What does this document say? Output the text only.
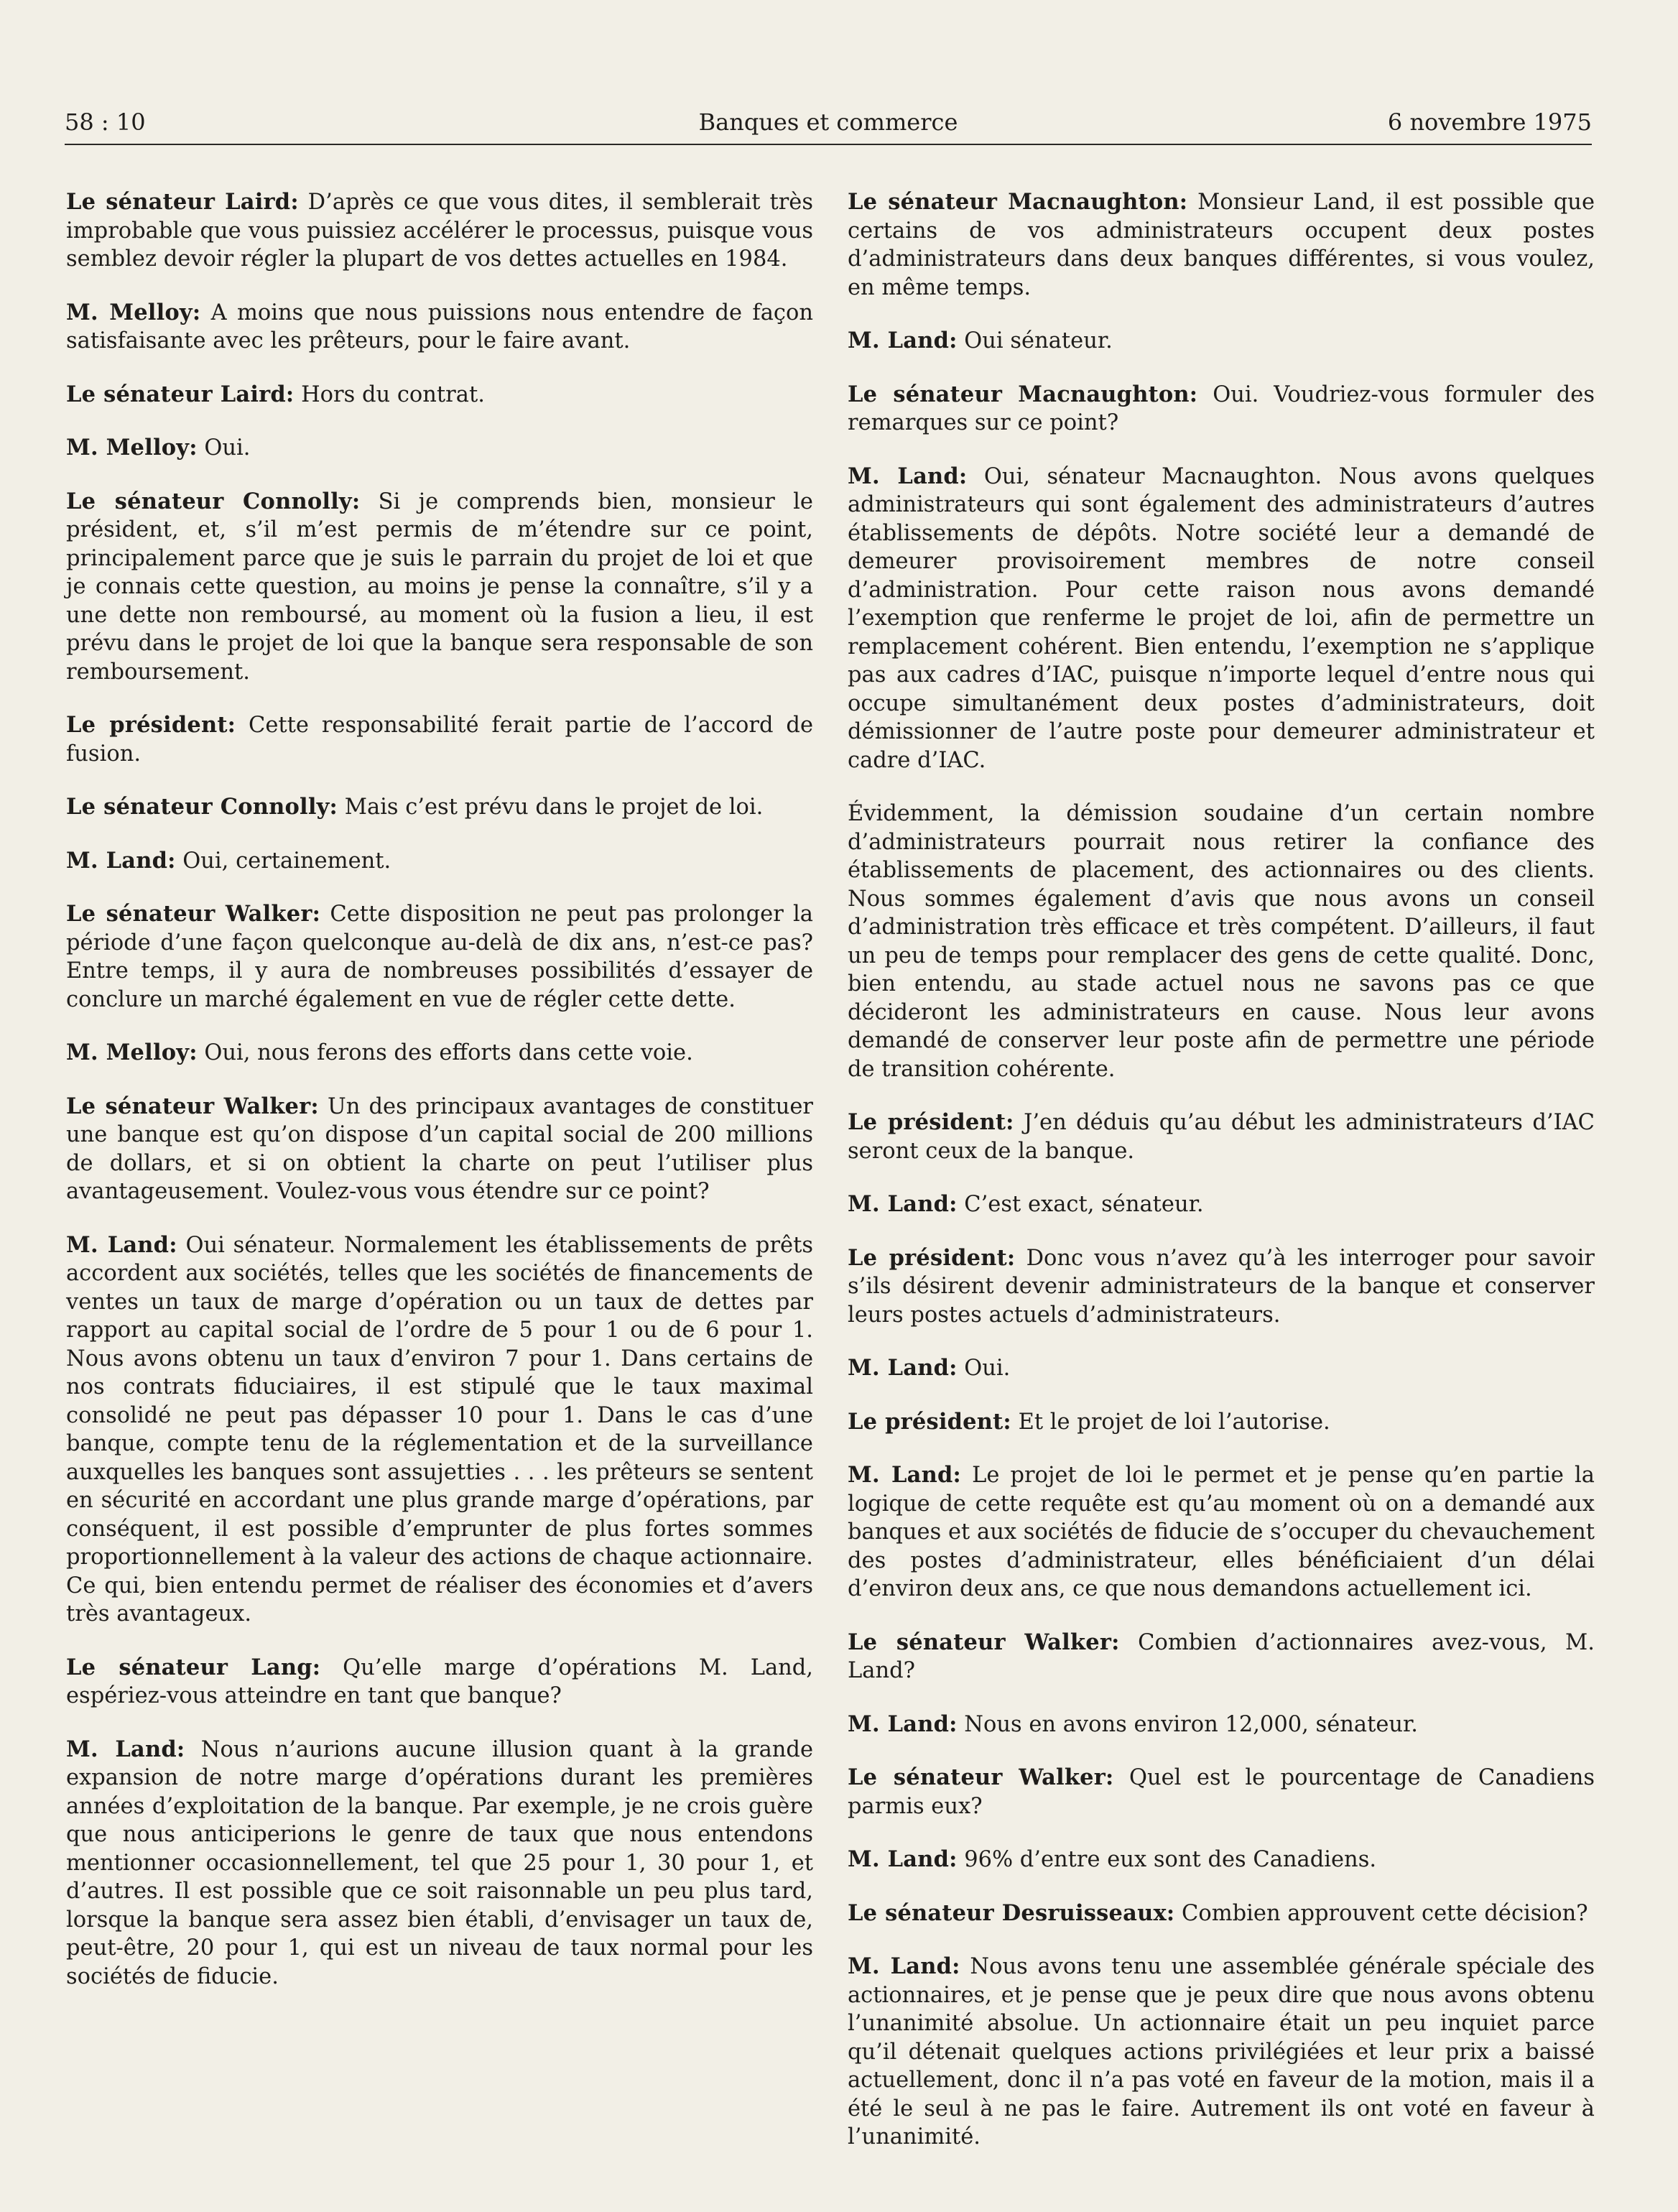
58 : 10	Banques et commerce	6 novembre 1975

Le sénateur Laird: D’après ce que vous dites, il semblerait très improbable que vous puissiez accélérer le processus, puisque vous semblez devoir régler la plupart de vos dettes actuelles en 1984.

M. Melloy: A moins que nous puissions nous entendre de façon satisfaisante avec les prêteurs, pour le faire avant.

Le sénateur Laird: Hors du contrat.

M. Melloy: Oui.

Le sénateur Connolly: Si je comprends bien, monsieur le président, et, s’il m’est permis de m’étendre sur ce point, principalement parce que je suis le parrain du projet de loi et que je connais cette question, au moins je pense la connaître, s’il y a une dette non remboursé, au moment où la fusion a lieu, il est prévu dans le projet de loi que la banque sera responsable de son remboursement.

Le président: Cette responsabilité ferait partie de l’accord de fusion.

Le sénateur Connolly: Mais c’est prévu dans le projet de loi.

M. Land: Oui, certainement.

Le sénateur Walker: Cette disposition ne peut pas prolonger la période d’une façon quelconque au-delà de dix ans, n’est-ce pas? Entre temps, il y aura de nombreuses possibilités d’essayer de conclure un marché également en vue de régler cette dette.

M. Melloy: Oui, nous ferons des efforts dans cette voie.

Le sénateur Walker: Un des principaux avantages de constituer une banque est qu’on dispose d’un capital social de 200 millions de dollars, et si on obtient la charte on peut l’utiliser plus avantageusement. Voulez-vous vous étendre sur ce point?

M. Land: Oui sénateur. Normalement les établissements de prêts accordent aux sociétés, telles que les sociétés de financements de ventes un taux de marge d’opération ou un taux de dettes par rapport au capital social de l’ordre de 5 pour 1 ou de 6 pour 1. Nous avons obtenu un taux d’environ 7 pour 1. Dans certains de nos contrats fiduciaires, il est stipulé que le taux maximal consolidé ne peut pas dépasser 10 pour 1. Dans le cas d’une banque, compte tenu de la réglementation et de la surveillance auxquelles les banques sont assujetties . . . les prêteurs se sentent en sécurité en accordant une plus grande marge d’opérations, par conséquent, il est possible d’emprunter de plus fortes sommes proportionnellement à la valeur des actions de chaque actionnaire. Ce qui, bien entendu permet de réaliser des économies et d’avers très avantageux.

Le sénateur Lang: Qu’elle marge d’opérations M. Land, espériez-vous atteindre en tant que banque?

M. Land: Nous n’aurions aucune illusion quant à la grande expansion de notre marge d’opérations durant les premières années d’exploitation de la banque. Par exemple, je ne crois guère que nous anticiperions le genre de taux que nous entendons mentionner occasionnellement, tel que 25 pour 1, 30 pour 1, et d’autres. Il est possible que ce soit raisonnable un peu plus tard, lorsque la banque sera assez bien établi, d’envisager un taux de, peut-être, 20 pour 1, qui est un niveau de taux normal pour les sociétés de fiducie.

Le sénateur Macnaughton: Monsieur Land, il est possible que certains de vos administrateurs occupent deux postes d’administrateurs dans deux banques différentes, si vous voulez, en même temps.

M. Land: Oui sénateur.

Le sénateur Macnaughton: Oui. Voudriez-vous formuler des remarques sur ce point?

M. Land: Oui, sénateur Macnaughton. Nous avons quelques administrateurs qui sont également des administrateurs d’autres établissements de dépôts. Notre société leur a demandé de demeurer provisoirement membres de notre conseil d’administration. Pour cette raison nous avons demandé l’exemption que renferme le projet de loi, afin de permettre un remplacement cohérent. Bien entendu, l’exemption ne s’applique pas aux cadres d’IAC, puisque n’importe lequel d’entre nous qui occupe simultanément deux postes d’administrateurs, doit démissionner de l’autre poste pour demeurer administrateur et cadre d’IAC.

Évidemment, la démission soudaine d’un certain nombre d’administrateurs pourrait nous retirer la confiance des établissements de placement, des actionnaires ou des clients. Nous sommes également d’avis que nous avons un conseil d’administration très efficace et très compétent. D’ailleurs, il faut un peu de temps pour remplacer des gens de cette qualité. Donc, bien entendu, au stade actuel nous ne savons pas ce que décideront les administrateurs en cause. Nous leur avons demandé de conserver leur poste afin de permettre une période de transition cohérente.

Le président: J’en déduis qu’au début les administrateurs d’IAC seront ceux de la banque.

M. Land: C’est exact, sénateur.

Le président: Donc vous n’avez qu’à les interroger pour savoir s’ils désirent devenir administrateurs de la banque et conserver leurs postes actuels d’administrateurs.

M. Land: Oui.

Le président: Et le projet de loi l’autorise.

M. Land: Le projet de loi le permet et je pense qu’en partie la logique de cette requête est qu’au moment où on a demandé aux banques et aux sociétés de fiducie de s’occuper du chevauchement des postes d’administrateur, elles bénéficiaient d’un délai d’environ deux ans, ce que nous demandons actuellement ici.

Le sénateur Walker: Combien d’actionnaires avez-vous, M. Land?

M. Land: Nous en avons environ 12,000, sénateur.

Le sénateur Walker: Quel est le pourcentage de Canadiens parmis eux?

M. Land: 96% d’entre eux sont des Canadiens.

Le sénateur Desruisseaux: Combien approuvent cette décision?

M. Land: Nous avons tenu une assemblée générale spéciale des actionnaires, et je pense que je peux dire que nous avons obtenu l’unanimité absolue. Un actionnaire était un peu inquiet parce qu’il détenait quelques actions privilégiées et leur prix a baissé actuellement, donc il n’a pas voté en faveur de la motion, mais il a été le seul à ne pas le faire. Autrement ils ont voté en faveur à l’unanimité.
